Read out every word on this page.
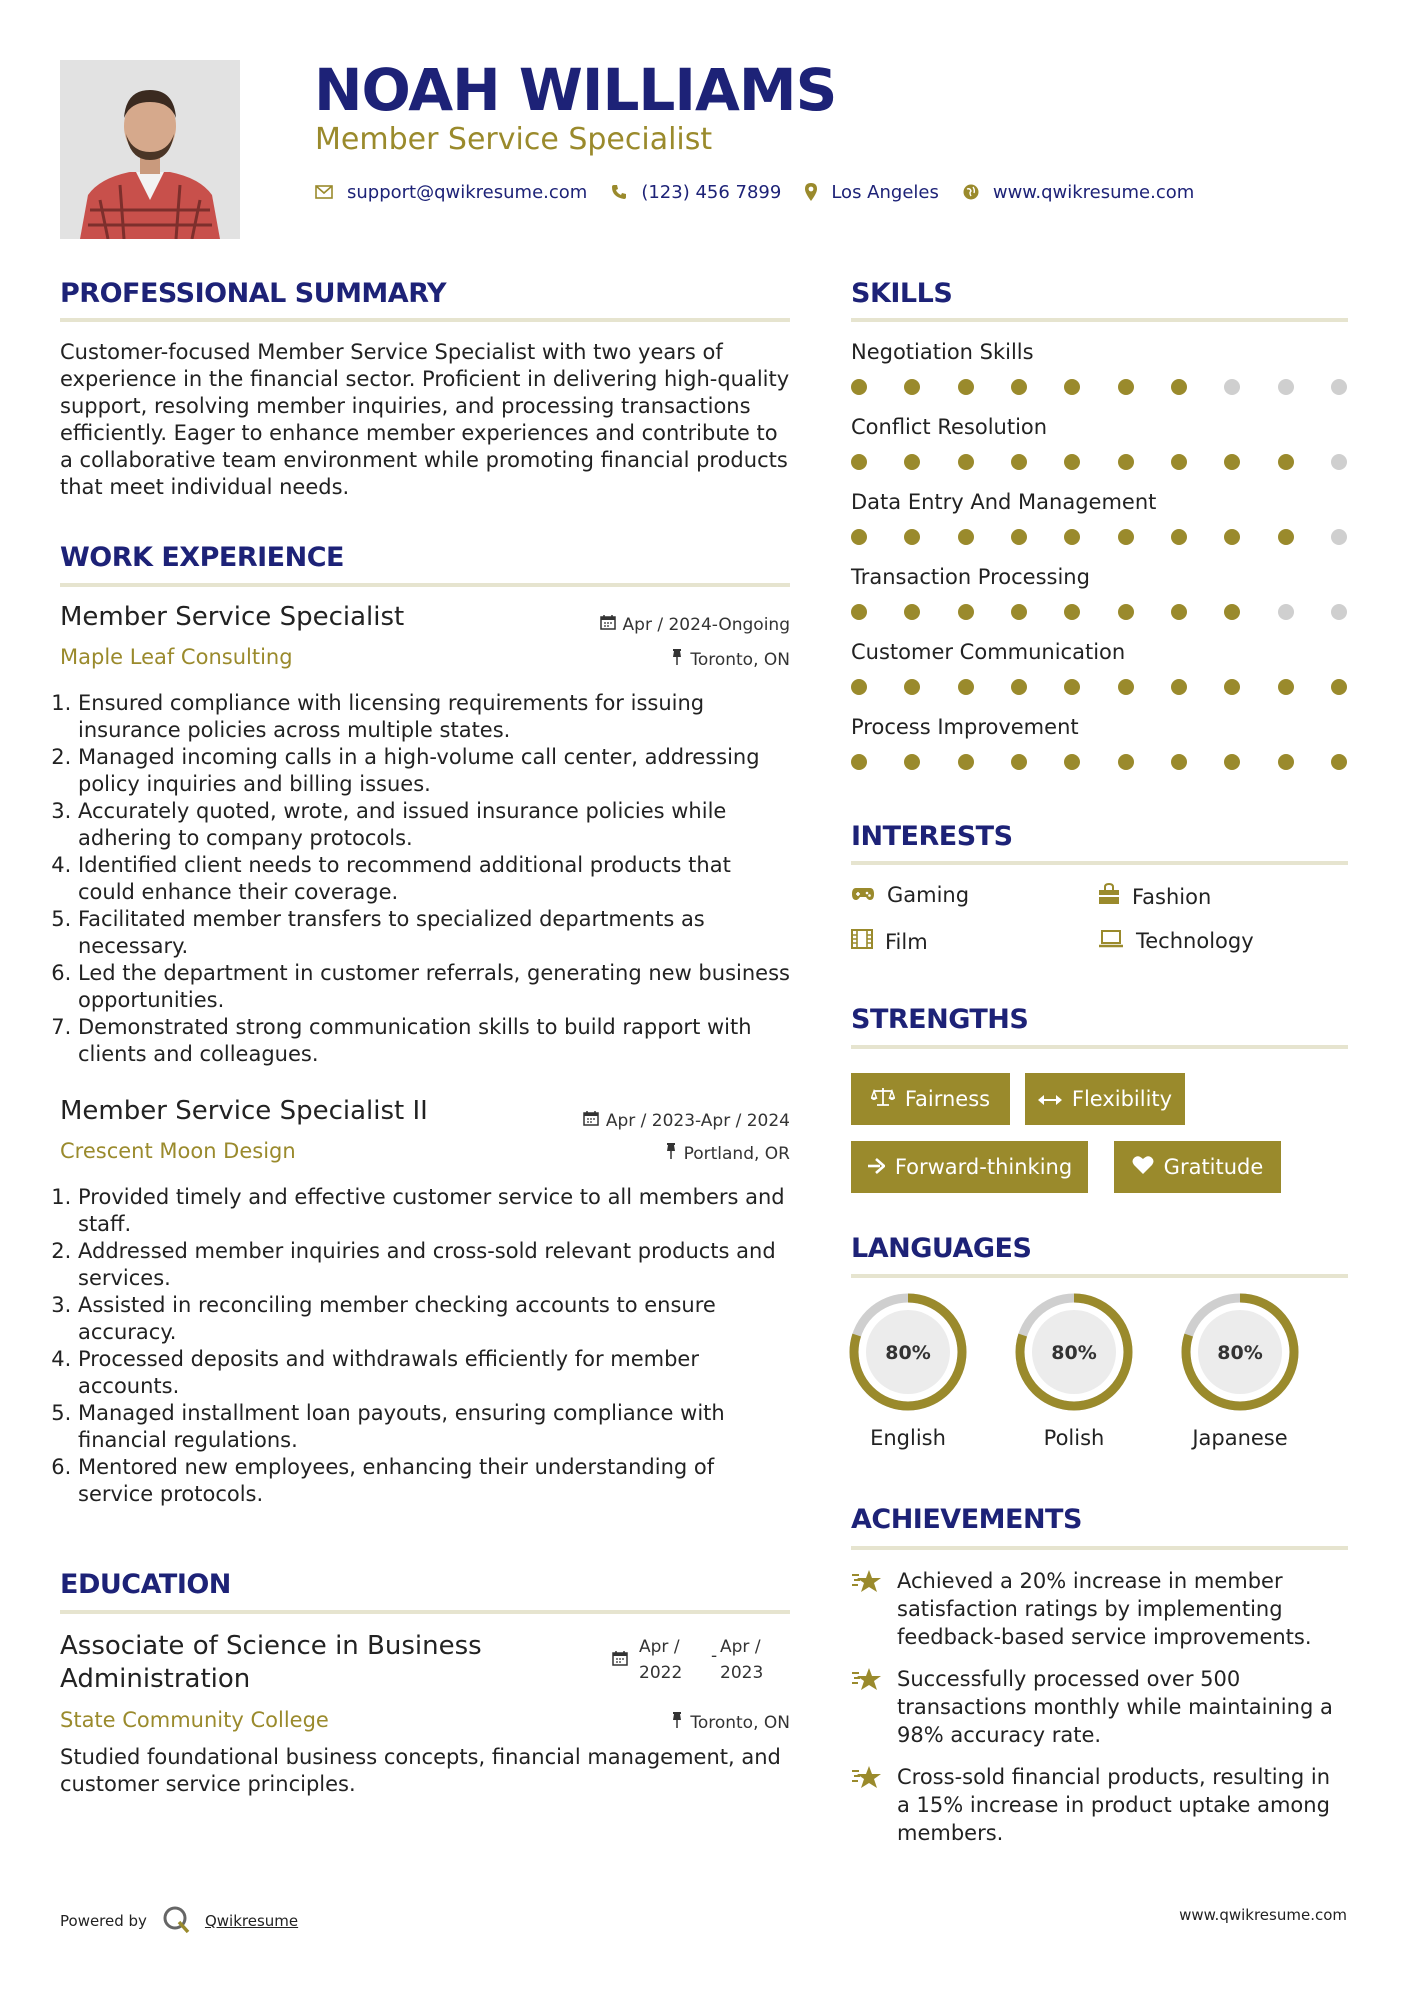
NOAH WILLIAMS
Member Service Specialist
support@qwikresume.com	(123) 456 7899	Los Angeles	www.qwikresume.com
PROFESSIONAL SUMMARY
Customer-focused Member Service Specialist with two years of experience in the financial sector. Proficient in delivering high-quality support, resolving member inquiries, and processing transactions efficiently. Eager to enhance member experiences and contribute to a collaborative team environment while promoting financial products that meet individual needs.
WORK EXPERIENCE
Member Service Specialist	Apr / 2024-Ongoing
Maple Leaf Consulting	Toronto, ON
1. Ensured compliance with licensing requirements for issuing insurance policies across multiple states.
2. Managed incoming calls in a high-volume call center, addressing policy inquiries and billing issues.
3. Accurately quoted, wrote, and issued insurance policies while adhering to company protocols.
4. Identified client needs to recommend additional products that could enhance their coverage.
5. Facilitated member transfers to specialized departments as necessary.
6. Led the department in customer referrals, generating new business opportunities.
7. Demonstrated strong communication skills to build rapport with clients and colleagues.
Member Service Specialist II	Apr / 2023-Apr / 2024
Crescent Moon Design	Portland, OR
1. Provided timely and effective customer service to all members and staff.
2. Addressed member inquiries and cross-sold relevant products and services.
3. Assisted in reconciling member checking accounts to ensure accuracy.
4. Processed deposits and withdrawals efficiently for member accounts.
5. Managed installment loan payouts, ensuring compliance with financial regulations.
6. Mentored new employees, enhancing their understanding of service protocols.
EDUCATION
Associate of Science in Business Administration
Apr / 2022
- Apr / 2023
State Community College	Toronto, ON
Studied foundational business concepts, financial management, and customer service principles.
SKILLS
Negotiation Skills
Conflict Resolution
Data Entry And Management
Transaction Processing
Customer Communication
Process Improvement
INTERESTS
Gaming	Fashion
Film	Technology
STRENGTHS
Fairness	Flexibility
Forward-thinking	Gratitude
LANGUAGES
80%
English
80%
Polish
80%
Japanese
ACHIEVEMENTS
Achieved a 20% increase in member satisfaction ratings by implementing feedback-based service improvements.
Successfully processed over 500 transactions monthly while maintaining a 98% accuracy rate.
Cross-sold financial products, resulting in a 15% increase in product uptake among members.
Powered by	Qwikresume	www.qwikresume.com
